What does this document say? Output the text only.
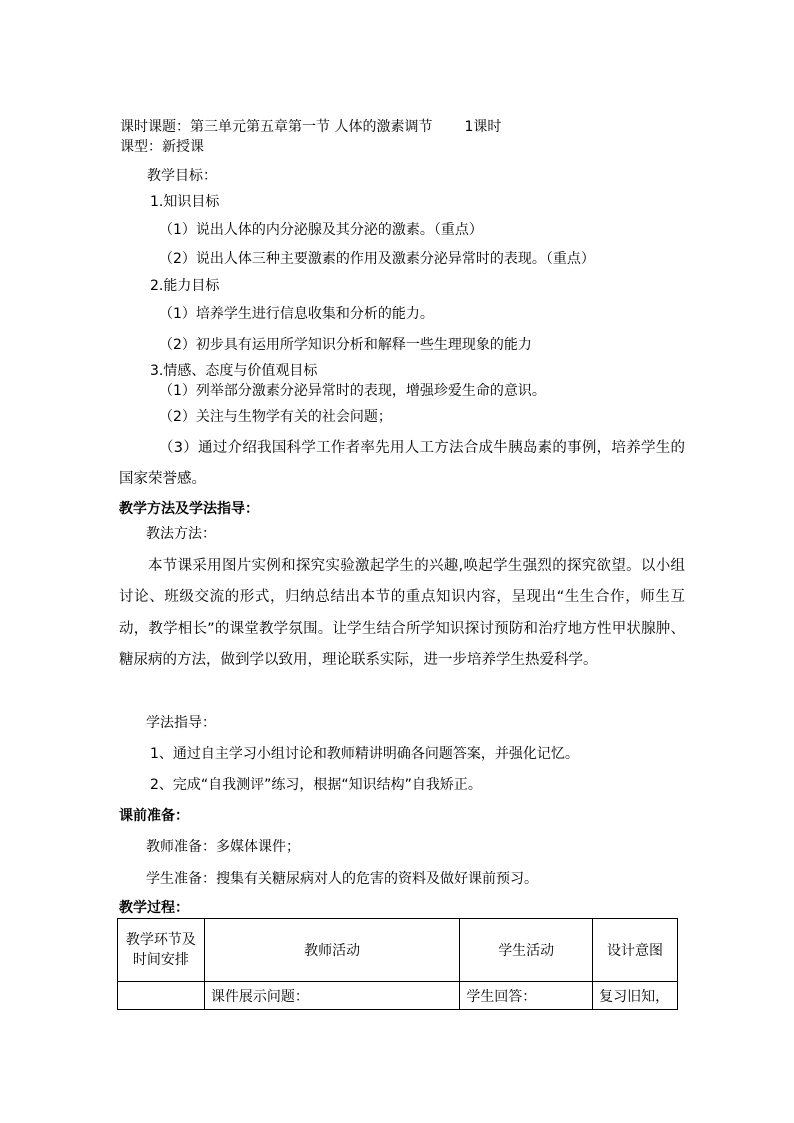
课时课题：第三单元第五章第一节 人体的激素调节 1课时
课型：新授课
教学目标：
1.知识目标
（1）说出人体的内分泌腺及其分泌的激素。（重点）
（2）说出人体三种主要激素的作用及激素分泌异常时的表现。（重点）
2.能力目标
（1）培养学生进行信息收集和分析的能力。
（2）初步具有运用所学知识分析和解释一些生理现象的能力
3.情感、态度与价值观目标
（1）列举部分激素分泌异常时的表现，增强珍爱生命的意识。
（2）关注与生物学有关的社会问题；
（3）通过介绍我国科学工作者率先用人工方法合成牛胰岛素的事例，培养学生的国家荣誉感。
教学方法及学法指导：
教法方法：
本节课采用图片实例和探究实验激起学生的兴趣,唤起学生强烈的探究欲望。以小组讨论、班级交流的形式，归纳总结出本节的重点知识内容，呈现出“生生合作，师生互动，教学相长”的课堂教学氛围。让学生结合所学知识探讨预防和治疗地方性甲状腺肿、糖尿病的方法，做到学以致用，理论联系实际，进一步培养学生热爱科学。
学法指导：
1、通过自主学习小组讨论和教师精讲明确各问题答案，并强化记忆。
2、完成“自我测评”练习，根据“知识结构”自我矫正。
课前准备：
教师准备：多媒体课件；
学生准备：搜集有关糖尿病对人的危害的资料及做好课前预习。
教学过程：
教学环节及时间安排	教师活动	学生活动	设计意图
	课件展示问题：	学生回答：	复习旧知，
